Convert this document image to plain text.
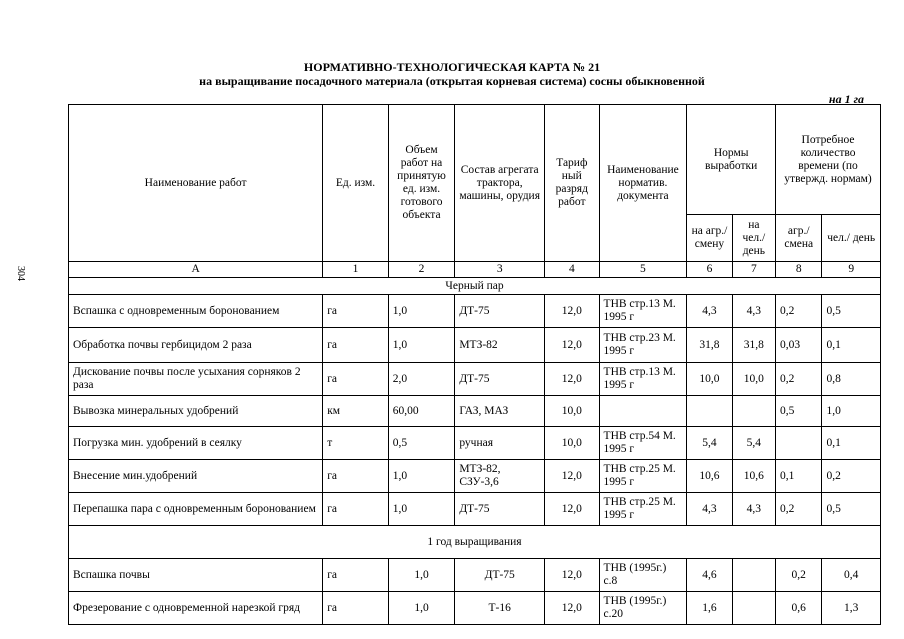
НОРМАТИВНО-ТЕХНОЛОГИЧЕСКАЯ КАРТА № 21
на выращивание посадочного материала (открытая корневая система) сосны обыкновенной
на 1 га
304
Наименование работ	Ед. изм.	Объем работ на принятую ед. изм. готового объекта	Состав агрегата трактора, машины, орудия	Тариф ный разряд работ	Наименование норматив. документа	Нормы выработки		Потребное количество времени (по утвержд. нормам)	
						на агр./ смену	на чел./ день	агр./ смена	чел./ день
А	1	2	3	4	5	6	7	8	9
Черный пар									
Вспашка с одновременным боронованием	га	1,0	ДТ-75	12,0	ТНВ стр.13 М. 1995 г	4,3	4,3	0,2	0,5
Обработка почвы гербицидом 2 раза	га	1,0	МТЗ-82	12,0	ТНВ стр.23 М. 1995 г	31,8	31,8	0,03	0,1
Дискование почвы после усыхания сорняков 2 раза	га	2,0	ДТ-75	12,0	ТНВ стр.13 М. 1995 г	10,0	10,0	0,2	0,8
Вывозка минеральных удобрений	км	60,00	ГАЗ, МАЗ	10,0				0,5	1,0
Погрузка мин. удобрений в сеялку	т	0,5	ручная	10,0	ТНВ стр.54 М. 1995 г	5,4	5,4		0,1
Внесение мин.удобрений	га	1,0	МТЗ-82, СЗУ-3,6	12,0	ТНВ стр.25 М. 1995 г	10,6	10,6	0,1	0,2
Перепашка пара с одновременным боронованием	га	1,0	ДТ-75	12,0	ТНВ стр.25 М. 1995 г	4,3	4,3	0,2	0,5
1 год выращивания									
Вспашка почвы	га	1,0	ДТ-75	12,0	ТНВ (1995г.) с.8	4,6		0,2	0,4
Фрезерование с одновременной нарезкой гряд	га	1,0	Т-16	12,0	ТНВ (1995г.) с.20	1,6		0,6	1,3
